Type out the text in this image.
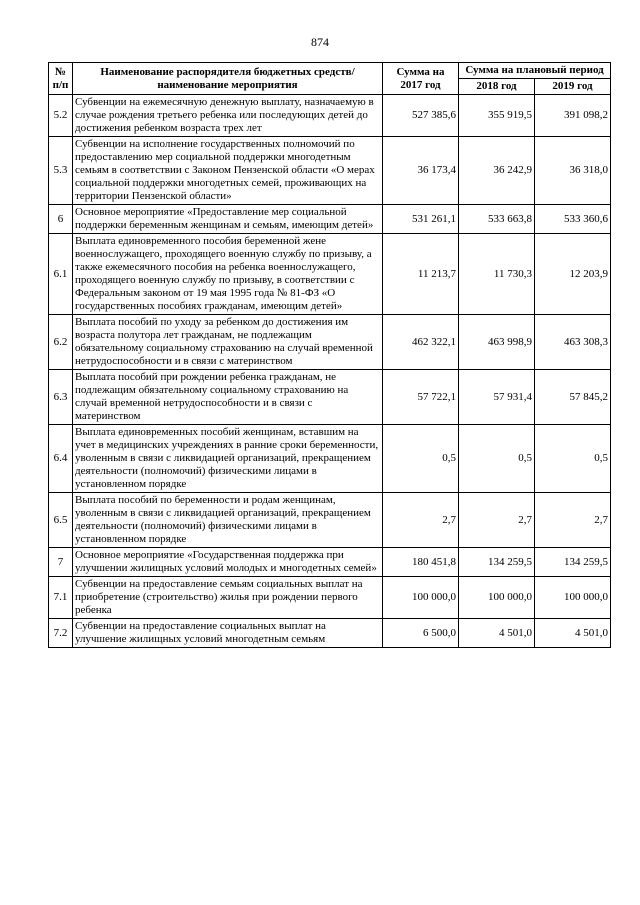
874
№ п/п	Наименование распорядителя бюджетных средств/ наименование мероприятия	Сумма на 2017 год	Сумма на плановый период	
			2018 год	2019 год
5.2	Субвенции на ежемесячную денежную выплату, назначаемую в случае рождения третьего ребенка или последующих детей до достижения ребенком возраста трех лет	527 385,6	355 919,5	391 098,2
5.3	Субвенции на исполнение государственных полномочий по предоставлению мер социальной поддержки многодетным семьям в соответствии с Законом Пензенской области «О мерах социальной поддержки многодетных семей, проживающих на территории Пензенской области»	36 173,4	36 242,9	36 318,0
6	Основное мероприятие «Предоставление мер социальной поддержки беременным женщинам и семьям, имеющим детей»	531 261,1	533 663,8	533 360,6
6.1	Выплата единовременного пособия беременной жене военнослужащего, проходящего военную службу по призыву, а также ежемесячного пособия на ребенка военнослужащего, проходящего военную службу по призыву, в соответствии с Федеральным законом от 19 мая 1995 года № 81-ФЗ «О государственных пособиях гражданам, имеющим детей»	11 213,7	11 730,3	12 203,9
6.2	Выплата пособий по уходу за ребенком до достижения им возраста полутора лет гражданам, не подлежащим обязательному социальному страхованию на случай временной нетрудоспособности и в связи с материнством	462 322,1	463 998,9	463 308,3
6.3	Выплата пособий при рождении ребенка гражданам, не подлежащим обязательному социальному страхованию на случай временной нетрудоспособности и в связи с материнством	57 722,1	57 931,4	57 845,2
6.4	Выплата единовременных пособий женщинам, вставшим на учет в медицинских учреждениях в ранние сроки беременности, уволенным в связи с ликвидацией организаций, прекращением деятельности (полномочий) физическими лицами в установленном порядке	0,5	0,5	0,5
6.5	Выплата пособий по беременности и родам женщинам, уволенным в связи с ликвидацией организаций, прекращением деятельности (полномочий) физическими лицами в установленном порядке	2,7	2,7	2,7
7	Основное мероприятие «Государственная поддержка при улучшении жилищных условий молодых и многодетных семей»	180 451,8	134 259,5	134 259,5
7.1	Субвенции на предоставление семьям социальных выплат на приобретение (строительство) жилья при рождении первого ребенка	100 000,0	100 000,0	100 000,0
7.2	Субвенции на предоставление социальных выплат на улучшение жилищных условий многодетным семьям	6 500,0	4 501,0	4 501,0
